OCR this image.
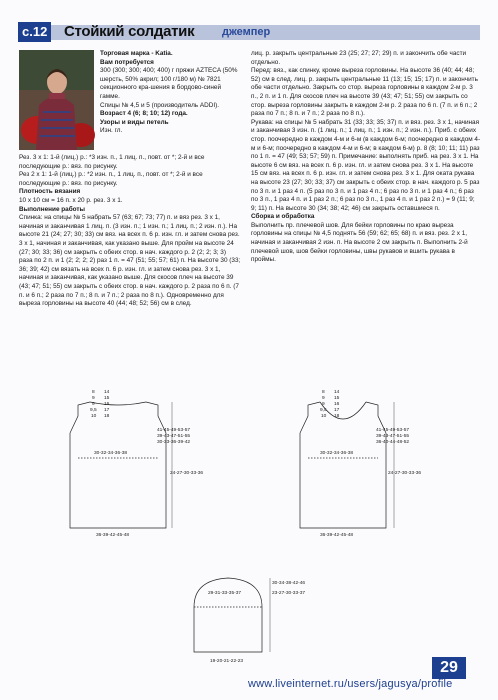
с.12 Стойкий солдатик	джемпер

Торговая марка - Katia.

Вам потребуется

300 (300; 300; 400; 400) г пряжи AZTECA (50% шерсть, 50% акрил; 100 г/180 м) № 7821 секционного кра-шения в бордово-синей гамме.

Спицы № 4,5 и 5 (производитель ADDI).

Возраст 4 (6; 8; 10; 12) года.

Узоры и виды петель

Изн. гл.

Рез. 3 х 1: 1-й (лиц.) р.: *3 изн. п., 1 лиц. п., повт. от *; 2-й и все последующие р.: вяз. по рисунку.

Рез 2 х 1: 1-й (лиц.) р.: *2 изн. п., 1 лиц. п., повт. от *; 2-й и все последующие р.: вяз. по рисунку.

Плотность вязания

10 х 10 см = 16 п. х 20 р. рез. 3 х 1.

Выполнение работы

Спинка: на спицы № 5 набрать 57 (63; 67; 73; 77) п. и вяз рез. 3 х 1, начиная и заканчивая 1 лиц. п. (3 изн. п.; 1 изн. п.; 1 лиц. п.; 2 изн. п.). На высоте 21 (24; 27; 30; 33) см вяз. на всех п. 6 р. изн. гл. и затем снова рез. 3 х 1, начиная и заканчивая, как указано выше. Для пройм на высоте 24 (27; 30; 33; 36) см закрыть с обеих стор. в нач. каждого р. 2 (2; 2; 3; 3) раза по 2 п. и 1 (2; 2; 2; 2) раз 1 п. = 47 (51; 55; 57; 61) п. На высоте 30 (33; 36; 39; 42) см вязать на всех п. 6 р. изн. гл. и затем снова рез. 3 х 1, начиная и заканчивая, как указано выше. Для скосов плеч на высоте 39 (43; 47; 51; 55) см закрыть с обеих стор. в нач. каждого р. 2 раза по 6 п. (7 п. и 6 п.; 2 раза по 7 п.; 8 п. и 7 п.; 2 раза по 8 п.). Одновременно для выреза горловины на высоте 40 (44; 48; 52; 56) см в след.

лиц. р. закрыть центральные 23 (25; 27; 27; 29) п. и закончить обе части отдельно.

Перед: вяз., как спинку, кроме выреза горловины. На высоте 36 (40; 44; 48; 52) см в след. лиц. р. закрыть центральные 11 (13; 15; 15; 17) п. и закончить обе части отдельно. Закрыть со стор. выреза горловины в каждом 2-м р. 3 п., 2 п. и 1 п. Для скосов плеч на высоте 39 (43; 47; 51; 55) см закрыть со стор. выреза горловины закрыть в каждом 2-м р. 2 раза по 6 п. (7 п. и 6 п.; 2 раза по 7 п.; 8 п. и 7 п.; 2 раза по 8 п.).

Рукава: на спицы № 5 набрать 31 (33; 33; 35; 37) п. и вяз. рез. 3 х 1, начиная и заканчивая 3 изн. п. (1 лиц. п.; 1 лиц. п.; 1 изн. п.; 2 изн. п.). Приб. с обеих стор. поочередно в каждом 4-м и 6-м (в каждом 6-м; поочередно в каждом 4-м и 6-м; поочередно в каждом 4-м и 6-м; в каждом 6-м) р. 8 (8; 10; 11; 11) раз по 1 п. = 47 (49; 53; 57; 59) п. Примечание: выполнять приб. на рез. 3 х 1. На высоте 6 см вяз. на всех п. 6 р. изн. гл. и затем снова рез. 3 х 1. На высоте 15 см вяз. на всех п. 6 р. изн. гл. и затем снова рез. 3 х 1. Для оката рукава на высоте 23 (27; 30; 33; 37) см закрыть с обеих стор. в нач. каждого р. 5 раз по 3 п. и 1 раз 4 п. (5 раз по 3 п. и 1 раз 4 п.; 6 раз по 3 п. и 1 раз 4 п.; 6 раз по 3 п., 1 раз 4 п. и 1 раз 2 п.; 6 раз по 3 п., 1 раз 4 п. и 1 раз 2 п.) = 9 (11; 9; 9; 11) п. На высоте 30 (34; 38; 42; 46) см закрыть оставшиеся п.

Сборка и обработка

Выполнить пр. плечевой шов. Для бейки горловины по краю выреза горловины на спицы № 4,5 поднять 56 (59; 62; 65; 68) п. и вяз. рез. 2 х 1, начиная и заканчивая 2 изн. п. На высоте 2 см закрыть п. Выполнить 2-й плечевой шов, шов бейки горловины, швы рукавов и вшить рукава в проймы.

8 14
9 15
9 16
9,5 17
10 18
41-45-49-53-57
39-43-47-51-55
30-33-36-39-42
30-32-34-36-38
24-27-30-33-36
36-39-42-45-48
8 14
9 15
9 16
9,5 17
10 18
41-45-49-53-57
39-43-47-51-55
36-40-44-48-52
30-32-34-36-38
24-27-30-33-36
36-39-42-45-48
29-31-33-35-37
30-34-38-42-46
23-27-30-33-37
19-20-21-22-23	29
www.liveinternet.ru/users/jagusya/profile
